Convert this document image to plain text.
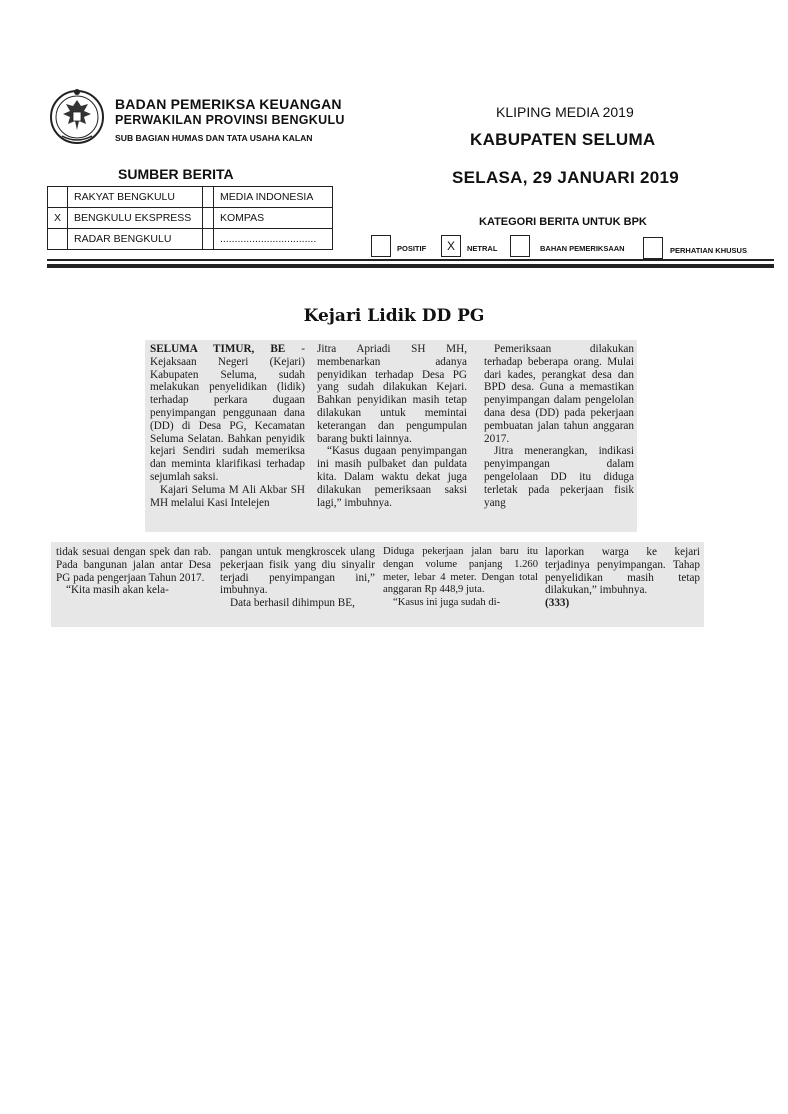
BADAN PEMERIKSA KEUANGAN
PERWAKILAN PROVINSI BENGKULU
SUB BAGIAN HUMAS DAN TATA USAHA KALAN
KLIPING MEDIA 2019
KABUPATEN SELUMA
SELASA, 29 JANUARI 2019
SUMBER BERITA
	RAKYAT BENGKULU		MEDIA INDONESIA
X	BENGKULU EKSPRESS		KOMPAS
	RADAR BENGKULU		.................................
KATEGORI BERITA UNTUK BPK
POSITIF	X	NETRAL	BAHAN PEMERIKSAAN	PERHATIAN KHUSUS
Kejari Lidik DD PG

SELUMA TIMUR, BE - Kejaksaan Negeri (Kejari) Kabupaten Seluma, sudah melakukan penyelidikan (lidik) terhadap perkara dugaan penyimpangan penggunaan dana (DD) di Desa PG, Kecamatan Seluma Selatan. Bahkan penyidik kejari Sendiri sudah memeriksa dan meminta klarifikasi terhadap sejumlah saksi.

Kajari Seluma M Ali Akbar SH MH melalui Kasi Intelejen

Jitra Apriadi SH MH, membenarkan adanya penyidikan terhadap Desa PG yang sudah dilakukan Kejari. Bahkan penyidikan masih tetap dilakukan untuk memintai keterangan dan pengumpulan barang bukti lainnya.

“Kasus dugaan penyimpangan ini masih pulbaket dan puldata kita. Dalam waktu dekat juga dilakukan pemeriksaan saksi lagi,” imbuhnya.

Pemeriksaan dilakukan terhadap beberapa orang. Mulai dari kades, perangkat desa dan BPD desa. Guna a memastikan penyimpangan dalam pengelolan dana desa (DD) pada pekerjaan pembuatan jalan tahun anggaran 2017.

Jitra menerangkan, indikasi penyimpangan dalam pengelolaan DD itu diduga terletak pada pekerjaan fisik yang

tidak sesuai dengan spek dan rab. Pada bangunan jalan antar Desa PG pada pengerjaan Tahun 2017.

“Kita masih akan kela-

pangan untuk mengkroscek ulang pekerjaan fisik yang diu sinyalir terjadi penyimpangan ini,” imbuhnya.

Data berhasil dihimpun BE,

Diduga pekerjaan jalan baru itu dengan volume panjang 1.260 meter, lebar 4 meter. Dengan total anggaran Rp 448,9 juta.

“Kasus ini juga sudah di-

laporkan warga ke kejari terjadinya penyimpangan. Tahap penyelidikan masih tetap dilakukan,” imbuhnya.

(333)
